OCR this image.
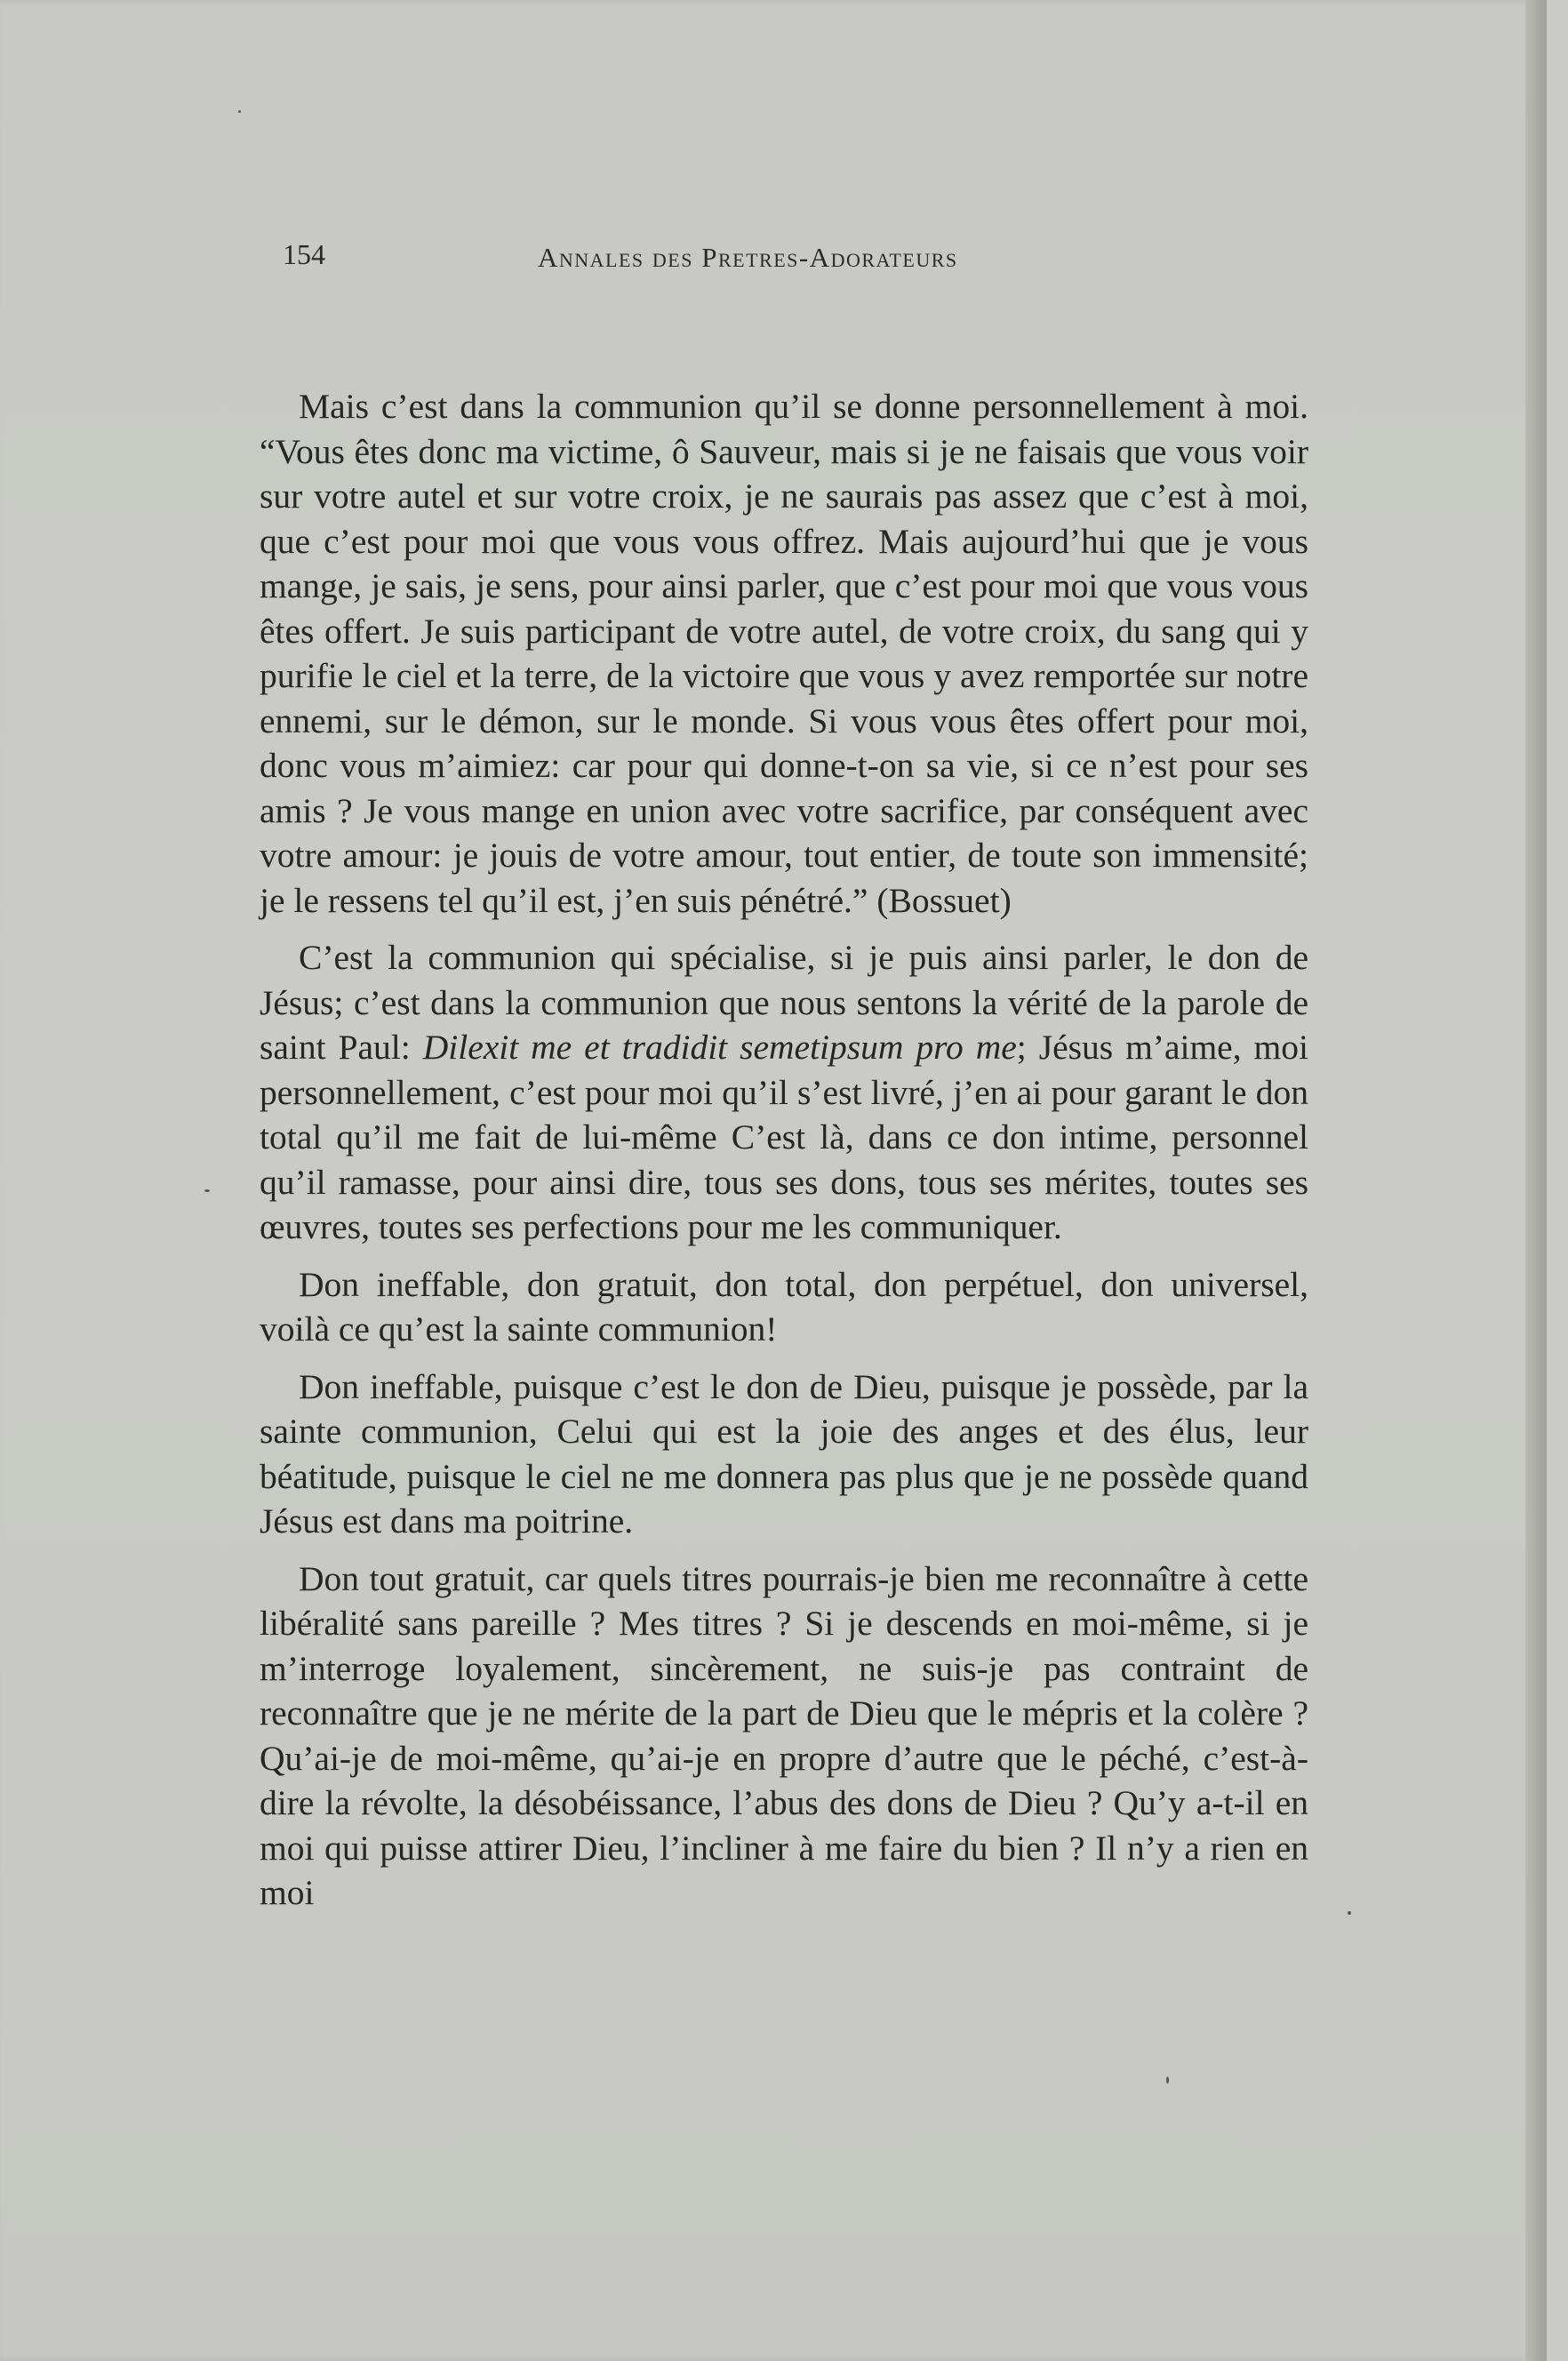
154	Annales des Pretres-Adorateurs

Mais c’est dans la communion qu’il se donne personnellement à moi. “Vous êtes donc ma victime, ô Sauveur, mais si je ne faisais que vous voir sur votre autel et sur votre croix, je ne saurais pas assez que c’est à moi, que c’est pour moi que vous vous offrez. Mais aujourd’hui que je vous mange, je sais, je sens, pour ainsi parler, que c’est pour moi que vous vous êtes offert. Je suis participant de votre autel, de votre croix, du sang qui y purifie le ciel et la terre, de la victoire que vous y avez remportée sur notre ennemi, sur le démon, sur le monde. Si vous vous êtes offert pour moi, donc vous m’aimiez: car pour qui donne-t-on sa vie, si ce n’est pour ses amis ? Je vous mange en union avec votre sacrifice, par conséquent avec votre amour: je jouis de votre amour, tout entier, de toute son immensité; je le ressens tel qu’il est, j’en suis pénétré.” (Bossuet)

C’est la communion qui spécialise, si je puis ainsi parler, le don de Jésus; c’est dans la communion que nous sentons la vérité de la parole de saint Paul: Dilexit me et tradidit semetipsum pro me; Jésus m’aime, moi personnellement, c’est pour moi qu’il s’est livré, j’en ai pour garant le don total qu’il me fait de lui-même C’est là, dans ce don intime, personnel qu’il ramasse, pour ainsi dire, tous ses dons, tous ses mérites, toutes ses œuvres, toutes ses perfections pour me les communiquer.

Don ineffable, don gratuit, don total, don perpétuel, don universel, voilà ce qu’est la sainte communion!

Don ineffable, puisque c’est le don de Dieu, puisque je possède, par la sainte communion, Celui qui est la joie des anges et des élus, leur béatitude, puisque le ciel ne me donnera pas plus que je ne possède quand Jésus est dans ma poitrine.

Don tout gratuit, car quels titres pourrais-je bien me reconnaître à cette libéralité sans pareille ? Mes titres ? Si je descends en moi-même, si je m’interroge loyalement, sincèrement, ne suis-je pas contraint de reconnaître que je ne mérite de la part de Dieu que le mépris et la colère ? Qu’ai-je de moi-même, qu’ai-je en propre d’autre que le péché, c’est-à-dire la révolte, la désobéissance, l’abus des dons de Dieu ? Qu’y a-t-il en moi qui puisse attirer Dieu, l’incliner à me faire du bien ? Il n’y a rien en moi
